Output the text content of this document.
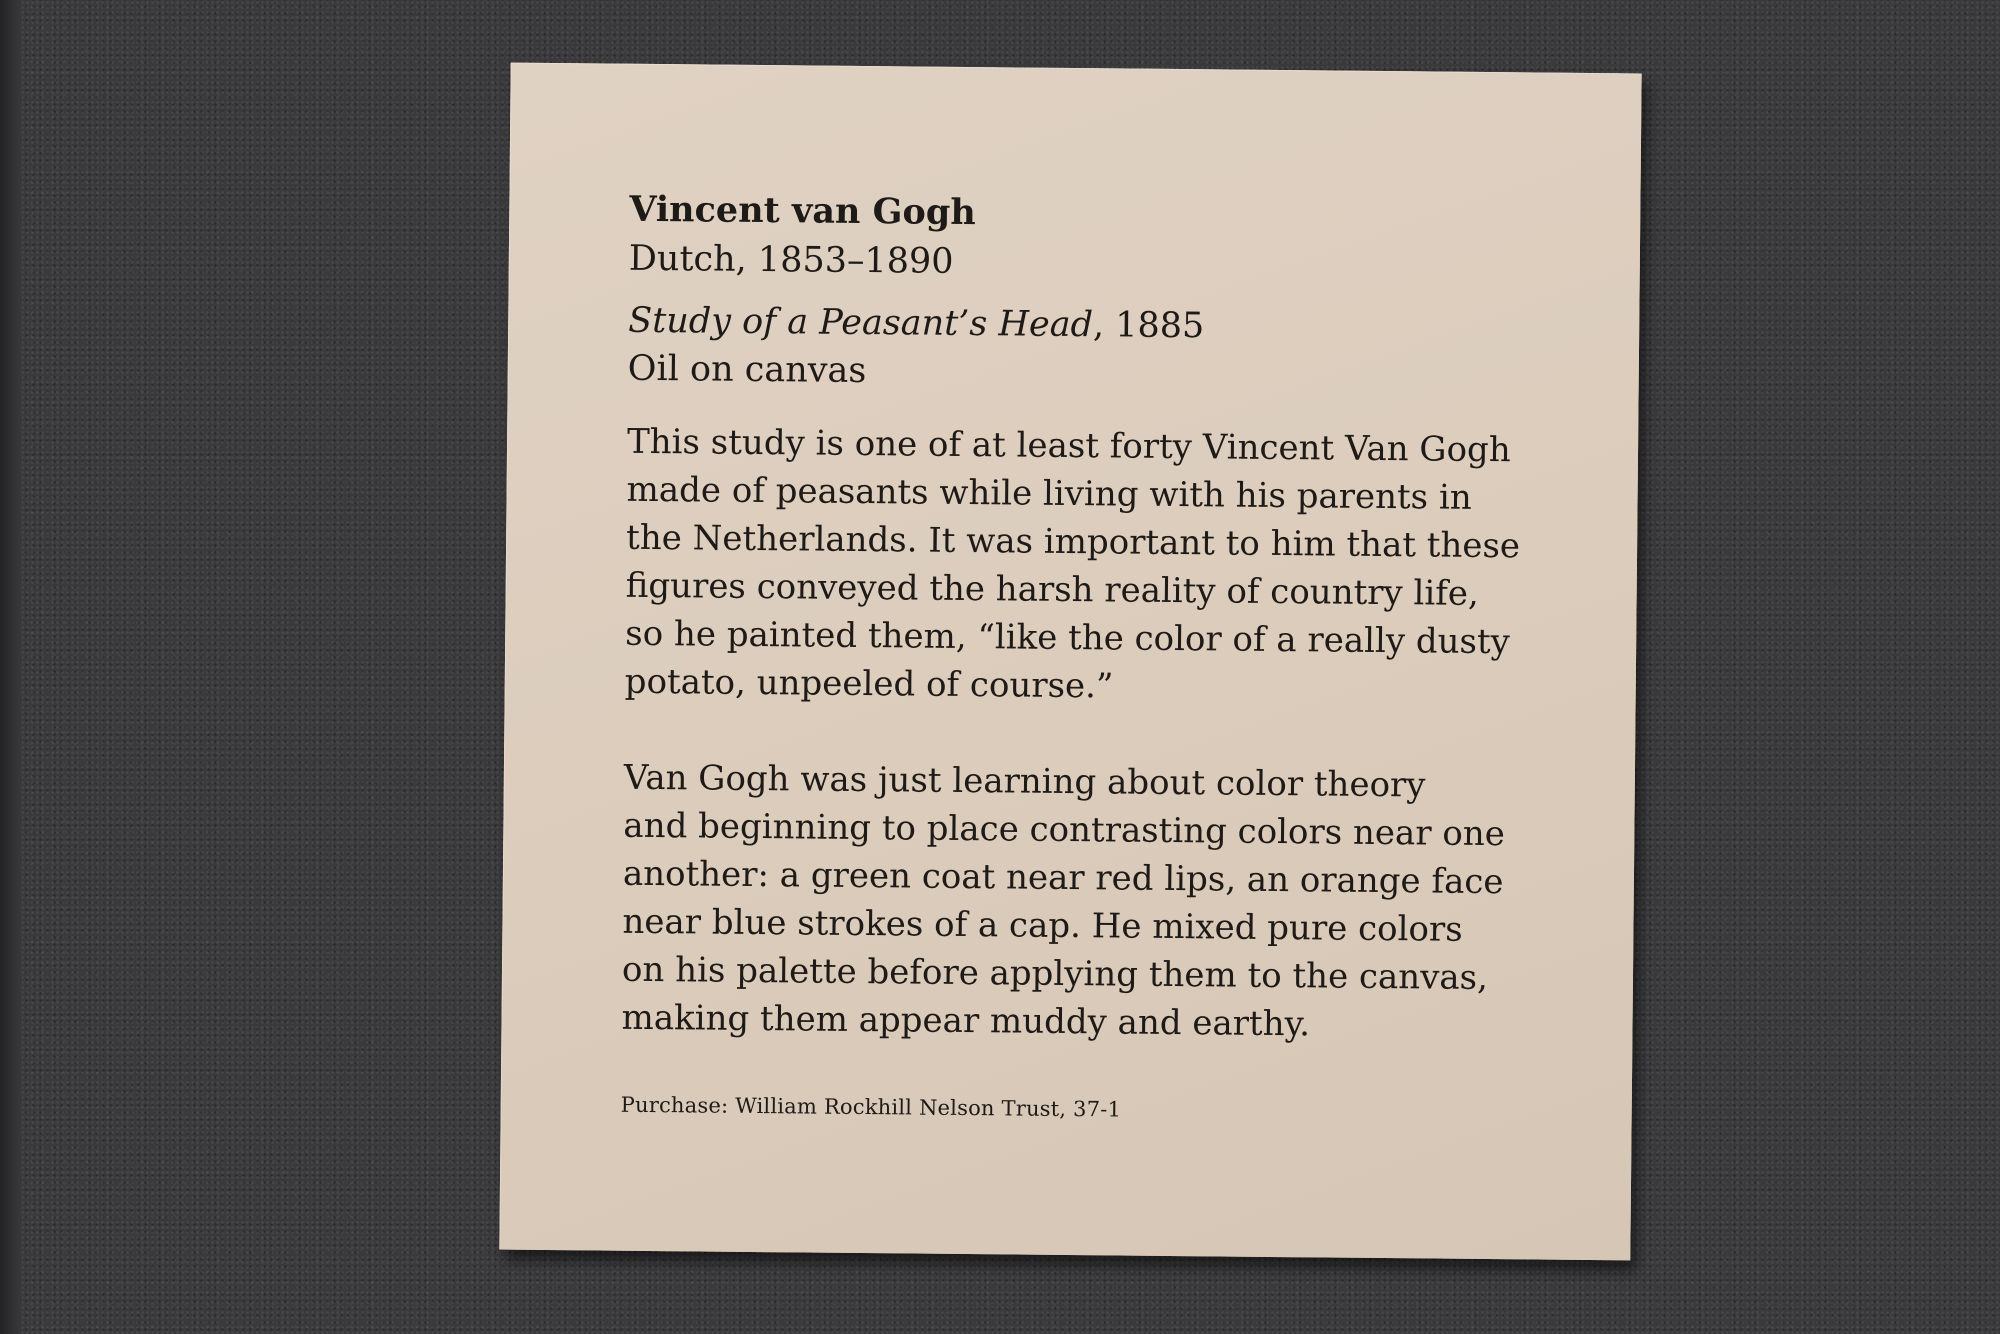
Vincent van Gogh
Dutch, 1853–1890
Study of a Peasant’s Head, 1885
Oil on canvas

This study is one of at least forty Vincent Van Gogh
made of peasants while living with his parents in
the Netherlands. It was important to him that these
figures conveyed the harsh reality of country life,
so he painted them, “like the color of a really dusty
potato, unpeeled of course.”

Van Gogh was just learning about color theory
and beginning to place contrasting colors near one
another: a green coat near red lips, an orange face
near blue strokes of a cap. He mixed pure colors
on his palette before applying them to the canvas,
making them appear muddy and earthy.

Purchase: William Rockhill Nelson Trust, 37-1
